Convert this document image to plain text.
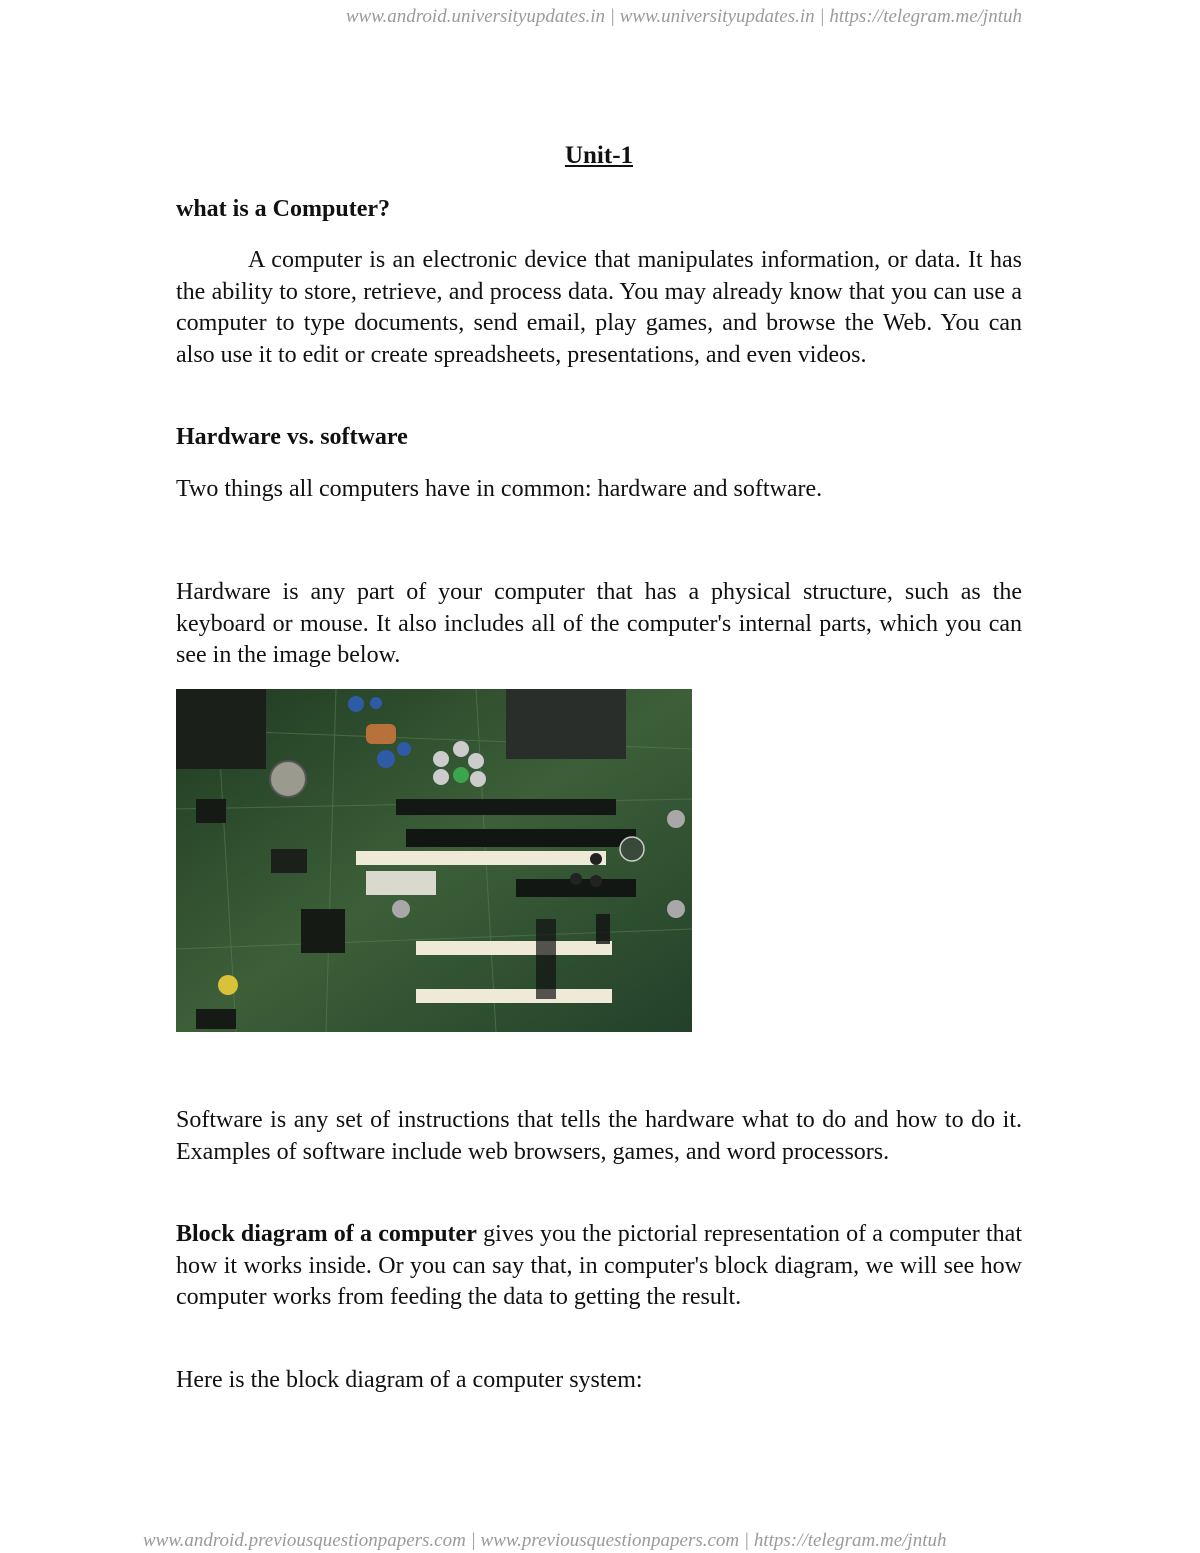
www.android.universityupdates.in | www.universityupdates.in | https://telegram.me/jntuh
Unit-1
what is a Computer?
A computer is an electronic device that manipulates information, or data. It has the ability to store, retrieve, and process data. You may already know that you can use a computer to type documents, send email, play games, and browse the Web. You can also use it to edit or create spreadsheets, presentations, and even videos.
Hardware vs. software
Two things all computers have in common: hardware and software.
Hardware is any part of your computer that has a physical structure, such as the keyboard or mouse. It also includes all of the computer's internal parts, which you can see in the image below.
Software is any set of instructions that tells the hardware what to do and how to do it. Examples of software include web browsers, games, and word processors.
Block diagram of a computer gives you the pictorial representation of a computer that how it works inside. Or you can say that, in computer's block diagram, we will see how computer works from feeding the data to getting the result.
Here is the block diagram of a computer system:
www.android.previousquestionpapers.com | www.previousquestionpapers.com | https://telegram.me/jntuh
